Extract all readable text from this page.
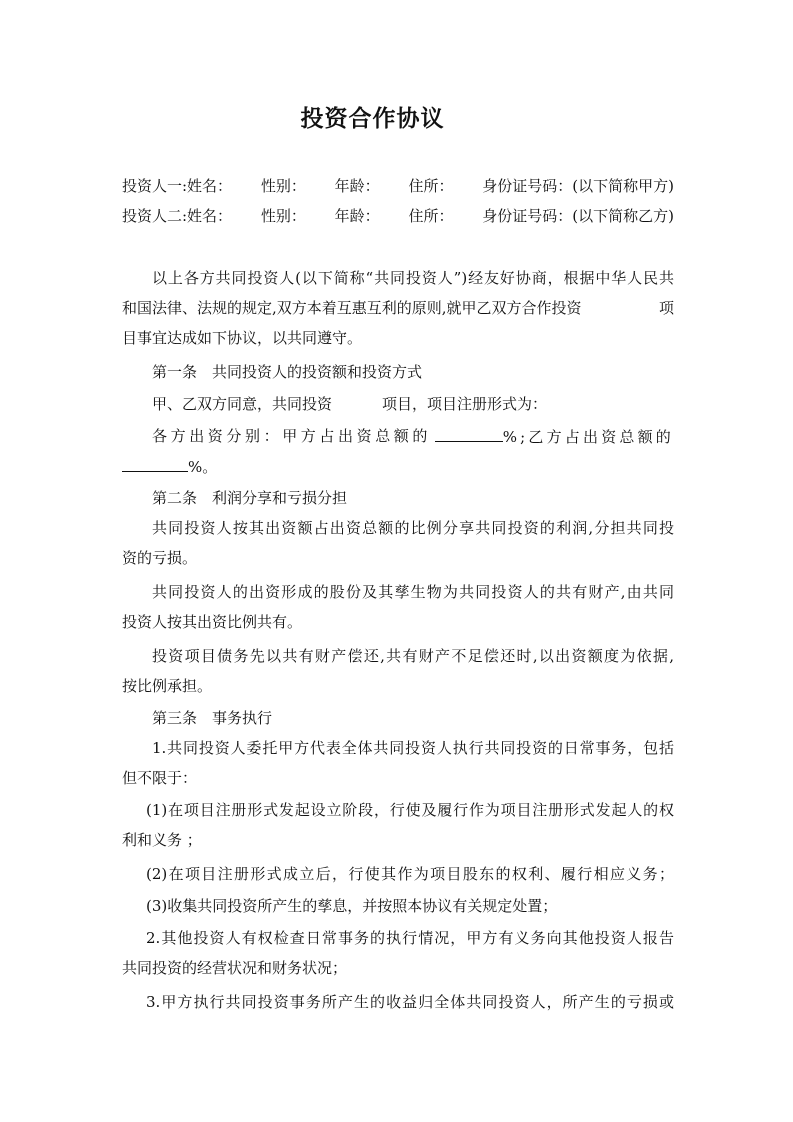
投资合作协议
投资人一:姓名： 性别： 年龄： 住所： 身份证号码：(以下简称甲方)
投资人二:姓名： 性别： 年龄： 住所： 身份证号码：(以下简称乙方)
以上各方共同投资人(以下简称“共同投资人”)经友好协商，根据中华人民共
和国法律、法规的规定,双方本着互惠互利的原则,就甲乙双方合作投资	项
目事宜达成如下协议，以共同遵守。
第一条　共同投资人的投资额和投资方式
甲、乙双方同意，共同投资	项目，项目注册形式为：
各方出资分别：甲方占出资总额的	%;乙方占出资总额的
%。
第二条　利润分享和亏损分担
共同投资人按其出资额占出资总额的比例分享共同投资的利润,分担共同投
资的亏损。
共同投资人的出资形成的股份及其孳生物为共同投资人的共有财产,由共同
投资人按其出资比例共有。
投资项目债务先以共有财产偿还,共有财产不足偿还时,以出资额度为依据,
按比例承担。
第三条　事务执行
1.共同投资人委托甲方代表全体共同投资人执行共同投资的日常事务，包括
但不限于：
(1)在项目注册形式发起设立阶段，行使及履行作为项目注册形式发起人的权
利和义务 ；
(2)在项目注册形式成立后，行使其作为项目股东的权利、履行相应义务；
(3)收集共同投资所产生的孳息，并按照本协议有关规定处置；
2.其他投资人有权检查日常事务的执行情况，甲方有义务向其他投资人报告
共同投资的经营状况和财务状况；
3.甲方执行共同投资事务所产生的收益归全体共同投资人，所产生的亏损或
